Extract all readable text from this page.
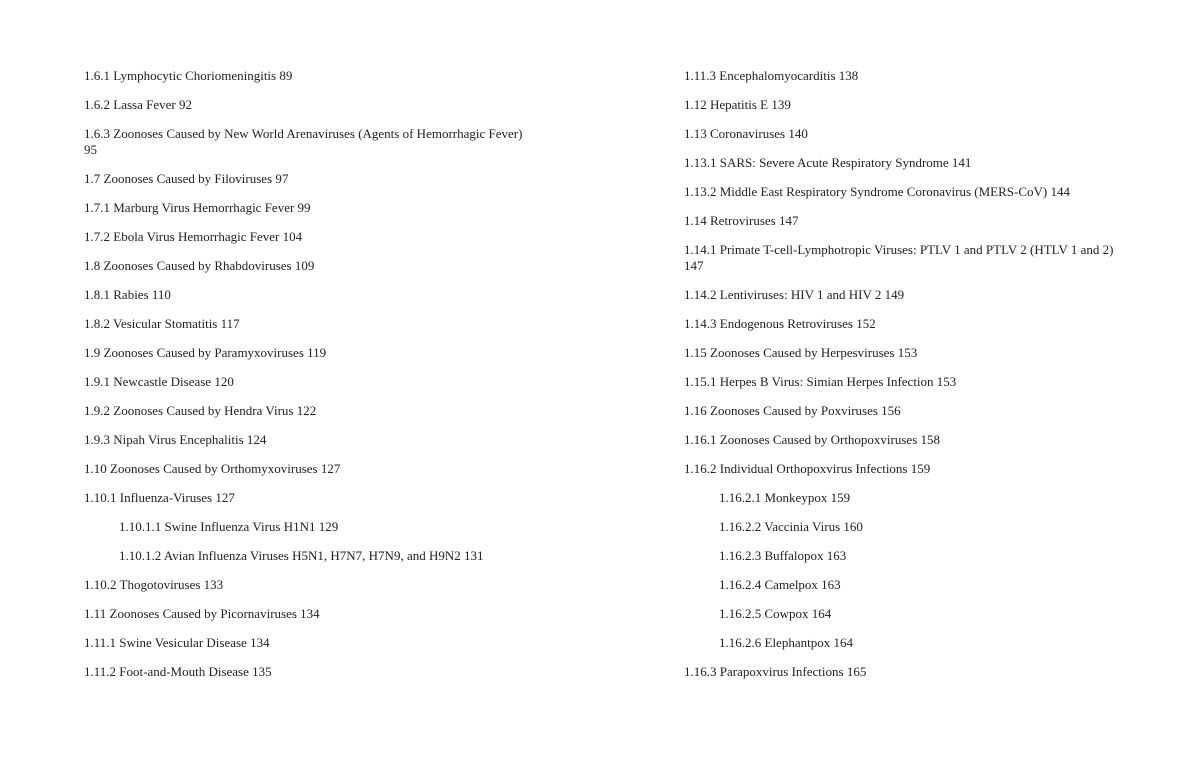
1.6.1 Lymphocytic Choriomeningitis 89

1.6.2 Lassa Fever 92

1.6.3 Zoonoses Caused by New World Arenaviruses (Agents of Hemorrhagic Fever) 95

1.7 Zoonoses Caused by Filoviruses 97

1.7.1 Marburg Virus Hemorrhagic Fever 99

1.7.2 Ebola Virus Hemorrhagic Fever 104

1.8 Zoonoses Caused by Rhabdoviruses 109

1.8.1 Rabies 110

1.8.2 Vesicular Stomatitis 117

1.9 Zoonoses Caused by Paramyxoviruses 119

1.9.1 Newcastle Disease 120

1.9.2 Zoonoses Caused by Hendra Virus 122

1.9.3 Nipah Virus Encephalitis 124

1.10 Zoonoses Caused by Orthomyxoviruses 127

1.10.1 Influenza-Viruses 127

1.10.1.1 Swine Influenza Virus H1N1 129

1.10.1.2 Avian Influenza Viruses H5N1, H7N7, H7N9, and H9N2 131

1.10.2 Thogotoviruses 133

1.11 Zoonoses Caused by Picornaviruses 134

1.11.1 Swine Vesicular Disease 134

1.11.2 Foot-and-Mouth Disease 135

1.11.3 Encephalomyocarditis 138

1.12 Hepatitis E 139

1.13 Coronaviruses 140

1.13.1 SARS: Severe Acute Respiratory Syndrome 141

1.13.2 Middle East Respiratory Syndrome Coronavirus (MERS-CoV) 144

1.14 Retroviruses 147

1.14.1 Primate T-cell-Lymphotropic Viruses: PTLV 1 and PTLV 2 (HTLV 1 and 2) 147

1.14.2 Lentiviruses: HIV 1 and HIV 2 149

1.14.3 Endogenous Retroviruses 152

1.15 Zoonoses Caused by Herpesviruses 153

1.15.1 Herpes B Virus: Simian Herpes Infection 153

1.16 Zoonoses Caused by Poxviruses 156

1.16.1 Zoonoses Caused by Orthopoxviruses 158

1.16.2 Individual Orthopoxvirus Infections 159

1.16.2.1 Monkeypox 159

1.16.2.2 Vaccinia Virus 160

1.16.2.3 Buffalopox 163

1.16.2.4 Camelpox 163

1.16.2.5 Cowpox 164

1.16.2.6 Elephantpox 164

1.16.3 Parapoxvirus Infections 165
